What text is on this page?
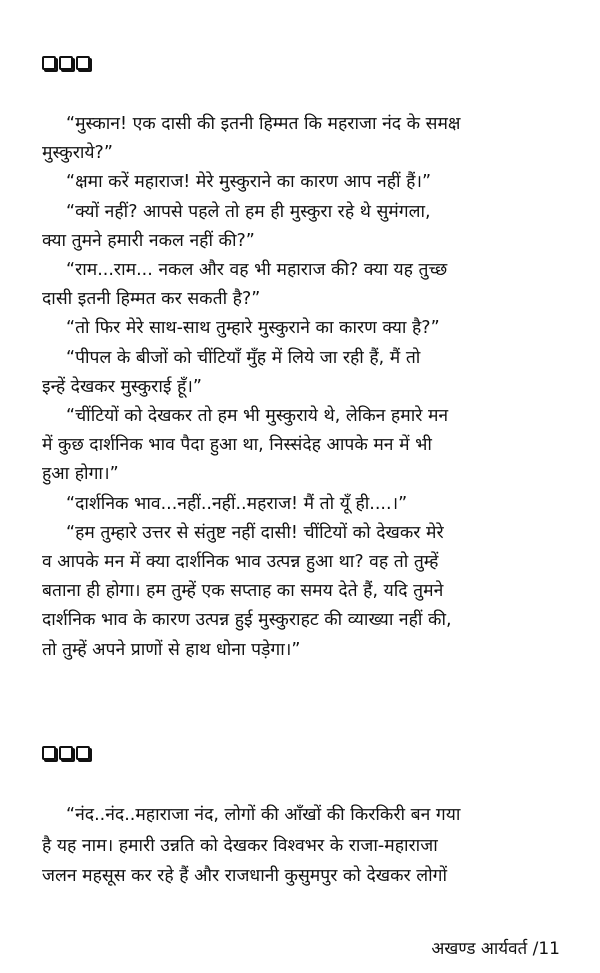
“मुस्कान! एक दासी की इतनी हिम्मत कि महराजा नंद के समक्ष
मुस्कुराये?”
“क्षमा करें महाराज! मेरे मुस्कुराने का कारण आप नहीं हैं।”
“क्यों नहीं? आपसे पहले तो हम ही मुस्कुरा रहे थे सुमंगला,
क्या तुमने हमारी नकल नहीं की?”
“राम...राम... नकल और वह भी महाराज की? क्या यह तुच्छ
दासी इतनी हिम्मत कर सकती है?”
“तो फिर मेरे साथ-साथ तुम्हारे मुस्कुराने का कारण क्या है?”
“पीपल के बीजों को चींटियाँ मुँह में लिये जा रही हैं, मैं तो
इन्हें देखकर मुस्कुराई हूँ।”
“चींटियों को देखकर तो हम भी मुस्कुराये थे, लेकिन हमारे मन
में कुछ दार्शनिक भाव पैदा हुआ था, निस्संदेह आपके मन में भी
हुआ होगा।”
“दार्शनिक भाव...नहीं..नहीं..महराज! मैं तो यूँ ही....।”
“हम तुम्हारे उत्तर से संतुष्ट नहीं दासी! चींटियों को देखकर मेरे
व आपके मन में क्या दार्शनिक भाव उत्पन्न हुआ था? वह तो तुम्हें
बताना ही होगा। हम तुम्हें एक सप्ताह का समय देते हैं, यदि तुमने
दार्शनिक भाव के कारण उत्पन्न हुई मुस्कुराहट की व्याख्या नहीं की,
तो तुम्हें अपने प्राणों से हाथ धोना पड़ेगा।”
“नंद..नंद..महाराजा नंद, लोगों की आँखों की किरकिरी बन गया
है यह नाम। हमारी उन्नति को देखकर विश्वभर के राजा-महाराजा
जलन महसूस कर रहे हैं और राजधानी कुसुमपुर को देखकर लोगों
अखण्ड आर्यवर्त /11
